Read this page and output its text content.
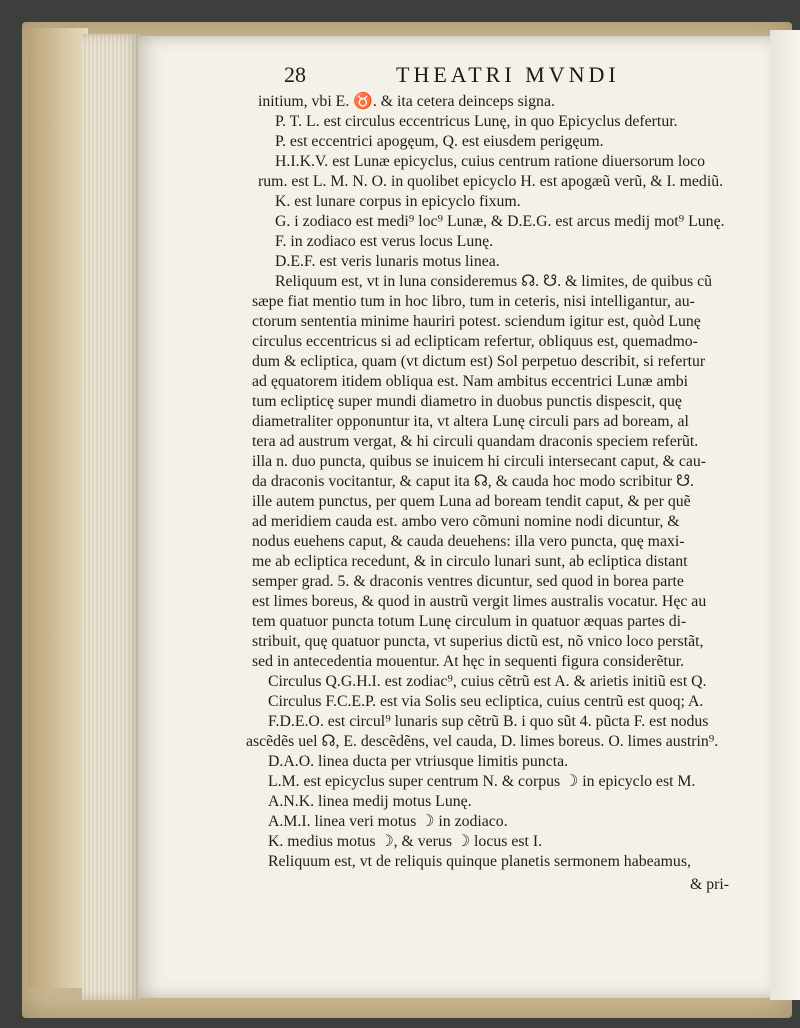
28	THEATRI MVNDI
initium, vbi E. ♉. & ita cetera deinceps signa.
P. T. L. est circulus eccentricus Lunę, in quo Epicyclus defertur.
P. est eccentrici apogęum, Q. est eiusdem perigęum.
H.I.K.V. est Lunæ epicyclus, cuius centrum ratione diuersorum loco
rum. est L. M. N. O. in quolibet epicyclo H. est apogæũ verũ, & I. mediũ.
K. est lunare corpus in epicyclo fixum.
G. i zodiaco est medi⁹ loc⁹ Lunæ, & D.E.G. est arcus medij mot⁹ Lunę.
F. in zodiaco est verus locus Lunę.
D.E.F. est veris lunaris motus linea.
Reliquum est, vt in luna consideremus ☊. ☋. & limites, de quibus cũ
sæpe fiat mentio tum in hoc libro, tum in ceteris, nisi intelligantur, au-
ctorum sententia minime hauriri potest. sciendum igitur est, quòd Lunę
circulus eccentricus si ad eclipticam refertur, obliquus est, quemadmo-
dum & ecliptica, quam (vt dictum est) Sol perpetuo describit, si refertur
ad ęquatorem itidem obliqua est. Nam ambitus eccentrici Lunæ ambi
tum eclipticę super mundi diametro in duobus punctis dispescit, quę
diametraliter opponuntur ita, vt altera Lunę circuli pars ad boream, al
tera ad austrum vergat, & hi circuli quandam draconis speciem referũt.
illa n. duo puncta, quibus se inuicem hi circuli intersecant caput, & cau-
da draconis vocitantur, & caput ita ☊, & cauda hoc modo scribitur ☋.
ille autem punctus, per quem Luna ad boream tendit caput, & per quẽ
ad meridiem cauda est. ambo vero cõmuni nomine nodi dicuntur, &
nodus euehens caput, & cauda deuehens: illa vero puncta, quę maxi-
me ab ecliptica recedunt, & in circulo lunari sunt, ab ecliptica distant
semper grad. 5. & draconis ventres dicuntur, sed quod in borea parte
est limes boreus, & quod in austrũ vergit limes australis vocatur. Hęc au
tem quatuor puncta totum Lunę circulum in quatuor æquas partes di-
stribuit, quę quatuor puncta, vt superius dictũ est, nõ vnico loco perstãt,
sed in antecedentia mouentur. At hęc in sequenti figura considerẽtur.
Circulus Q.G.H.I. est zodiac⁹, cuius cẽtrũ est A. & arietis initiũ est Q.
Circulus F.C.E.P. est via Solis seu ecliptica, cuius centrũ est quoq; A.
F.D.E.O. est circul⁹ lunaris sup cẽtrũ B. i quo sũt 4. pũcta F. est nodus
ascẽdẽs uel ☊, E. descẽdẽns, vel cauda, D. limes boreus. O. limes austrin⁹.
D.A.O. linea ducta per vtriusque limitis puncta.
L.M. est epicyclus super centrum N. & corpus ☽ in epicyclo est M.
A.N.K. linea medij motus Lunę.
A.M.I. linea veri motus ☽ in zodiaco.
K. medius motus ☽, & verus ☽ locus est I.
Reliquum est, vt de reliquis quinque planetis sermonem habeamus,
& pri-
